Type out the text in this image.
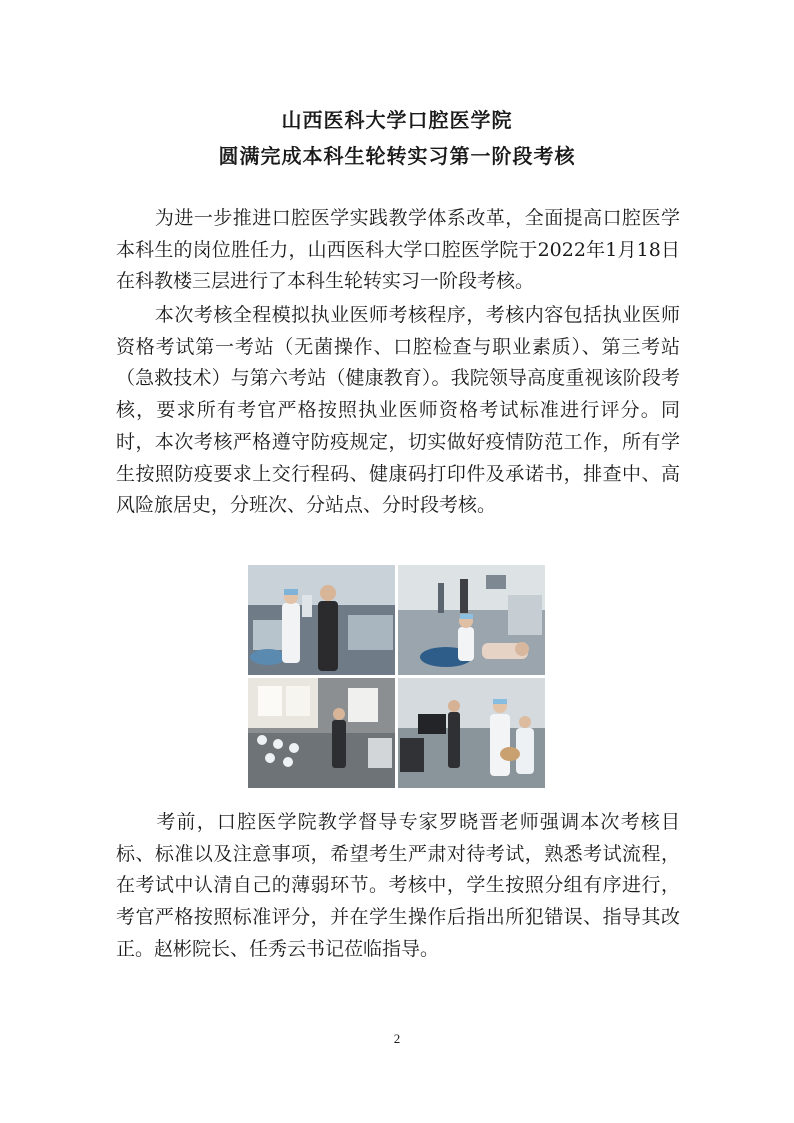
山西医科大学口腔医学院
圆满完成本科生轮转实习第一阶段考核
　　为进一步推进口腔医学实践教学体系改革，全面提高口腔医学本科生的岗位胜任力，山西医科大学口腔医学院于2022年1月18日在科教楼三层进行了本科生轮转实习一阶段考核。
　　本次考核全程模拟执业医师考核程序，考核内容包括执业医师资格考试第一考站（无菌操作、口腔检查与职业素质）、第三考站（急救技术）与第六考站（健康教育）。我院领导高度重视该阶段考核，要求所有考官严格按照执业医师资格考试标准进行评分。同时，本次考核严格遵守防疫规定，切实做好疫情防范工作，所有学生按照防疫要求上交行程码、健康码打印件及承诺书，排查中、高风险旅居史，分班次、分站点、分时段考核。
　　考前，口腔医学院教学督导专家罗晓晋老师强调本次考核目标、标准以及注意事项，希望考生严肃对待考试，熟悉考试流程，在考试中认清自己的薄弱环节。考核中，学生按照分组有序进行，考官严格按照标准评分，并在学生操作后指出所犯错误、指导其改正。赵彬院长、任秀云书记莅临指导。
2
